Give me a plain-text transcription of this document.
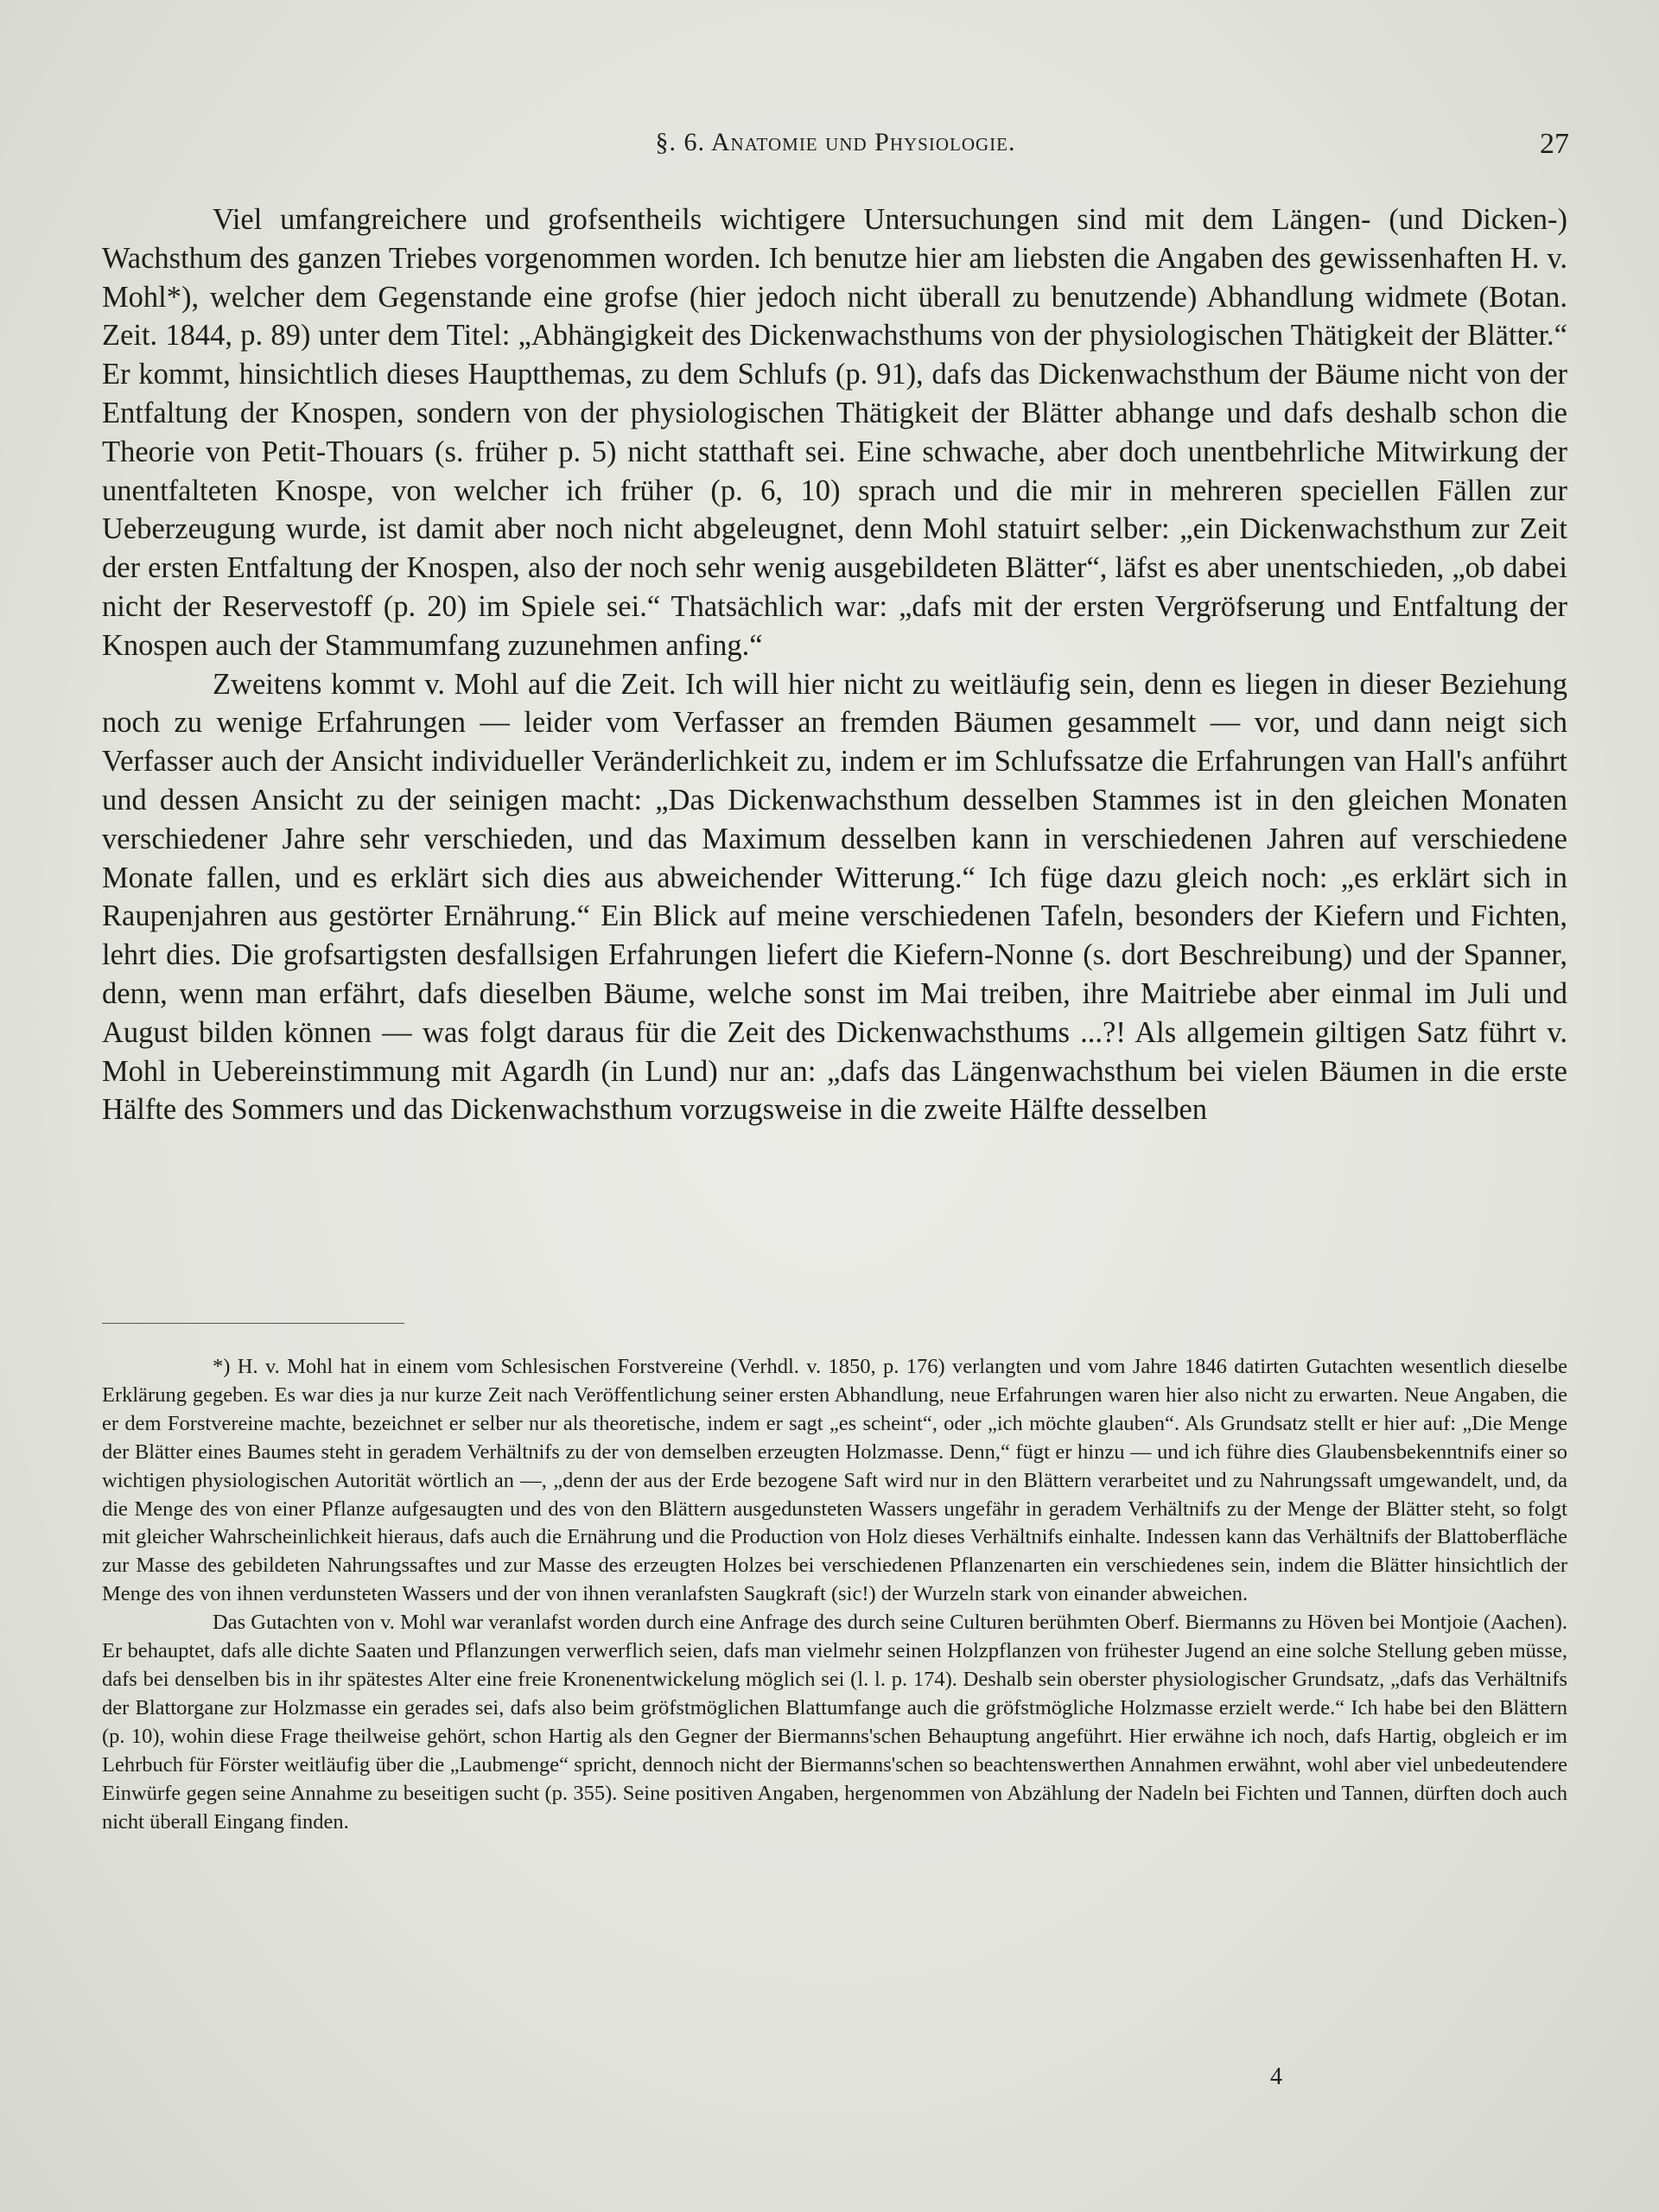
§. 6. Anatomie und Physiologie.	27

Viel umfangreichere und grofsentheils wichtigere Untersuchungen sind mit dem Längen- (und Dicken-) Wachsthum des ganzen Triebes vorgenommen worden. Ich benutze hier am liebsten die Angaben des gewissenhaften H. v. Mohl*), welcher dem Gegenstande eine grofse (hier jedoch nicht überall zu benutzende) Abhandlung widmete (Botan. Zeit. 1844, p. 89) unter dem Titel: „Abhängigkeit des Dickenwachsthums von der physiologischen Thätigkeit der Blätter.“ Er kommt, hinsichtlich dieses Hauptthemas, zu dem Schlufs (p. 91), dafs das Dickenwachsthum der Bäume nicht von der Entfaltung der Knospen, sondern von der physiologischen Thätigkeit der Blätter abhange und dafs deshalb schon die Theorie von Petit-Thouars (s. früher p. 5) nicht statthaft sei. Eine schwache, aber doch unentbehrliche Mitwirkung der unentfalteten Knospe, von welcher ich früher (p. 6, 10) sprach und die mir in mehreren speciellen Fällen zur Ueberzeugung wurde, ist damit aber noch nicht abgeleugnet, denn Mohl statuirt selber: „ein Dickenwachsthum zur Zeit der ersten Entfaltung der Knospen, also der noch sehr wenig ausgebildeten Blätter“, läfst es aber unentschieden, „ob dabei nicht der Reservestoff (p. 20) im Spiele sei.“ Thatsächlich war: „dafs mit der ersten Vergröfserung und Entfaltung der Knospen auch der Stammumfang zuzunehmen anfing.“

Zweitens kommt v. Mohl auf die Zeit. Ich will hier nicht zu weitläufig sein, denn es liegen in dieser Beziehung noch zu wenige Erfahrungen — leider vom Verfasser an fremden Bäumen gesammelt — vor, und dann neigt sich Verfasser auch der Ansicht individueller Veränderlichkeit zu, indem er im Schlufssatze die Erfahrungen van Hall's anführt und dessen Ansicht zu der seinigen macht: „Das Dickenwachsthum desselben Stammes ist in den gleichen Monaten verschiedener Jahre sehr verschieden, und das Maximum desselben kann in verschiedenen Jahren auf verschiedene Monate fallen, und es erklärt sich dies aus abweichender Witterung.“ Ich füge dazu gleich noch: „es erklärt sich in Raupenjahren aus gestörter Ernährung.“ Ein Blick auf meine verschiedenen Tafeln, besonders der Kiefern und Fichten, lehrt dies. Die grofsartigsten desfallsigen Erfahrungen liefert die Kiefern-Nonne (s. dort Beschreibung) und der Spanner, denn, wenn man erfährt, dafs dieselben Bäume, welche sonst im Mai treiben, ihre Maitriebe aber einmal im Juli und August bilden können — was folgt daraus für die Zeit des Dickenwachsthums ...?! Als allgemein giltigen Satz führt v. Mohl in Uebereinstimmung mit Agardh (in Lund) nur an: „dafs das Längenwachsthum bei vielen Bäumen in die erste Hälfte des Sommers und das Dickenwachsthum vorzugsweise in die zweite Hälfte desselben

*) H. v. Mohl hat in einem vom Schlesischen Forstvereine (Verhdl. v. 1850, p. 176) verlangten und vom Jahre 1846 datirten Gutachten wesentlich dieselbe Erklärung gegeben. Es war dies ja nur kurze Zeit nach Veröffentlichung seiner ersten Abhandlung, neue Erfahrungen waren hier also nicht zu erwarten. Neue Angaben, die er dem Forstvereine machte, bezeichnet er selber nur als theoretische, indem er sagt „es scheint“, oder „ich möchte glauben“. Als Grundsatz stellt er hier auf: „Die Menge der Blätter eines Baumes steht in geradem Verhältnifs zu der von demselben erzeugten Holzmasse. Denn,“ fügt er hinzu — und ich führe dies Glaubensbekenntnifs einer so wichtigen physiologischen Autorität wörtlich an —, „denn der aus der Erde bezogene Saft wird nur in den Blättern verarbeitet und zu Nahrungssaft umgewandelt, und, da die Menge des von einer Pflanze aufgesaugten und des von den Blättern ausgedunsteten Wassers ungefähr in geradem Verhältnifs zu der Menge der Blätter steht, so folgt mit gleicher Wahrscheinlichkeit hieraus, dafs auch die Ernährung und die Production von Holz dieses Verhältnifs einhalte. Indessen kann das Verhältnifs der Blattoberfläche zur Masse des gebildeten Nahrungssaftes und zur Masse des erzeugten Holzes bei verschiedenen Pflanzenarten ein verschiedenes sein, indem die Blätter hinsichtlich der Menge des von ihnen verdunsteten Wassers und der von ihnen veranlafsten Saugkraft (sic!) der Wurzeln stark von einander abweichen.

Das Gutachten von v. Mohl war veranlafst worden durch eine Anfrage des durch seine Culturen berühmten Oberf. Biermanns zu Höven bei Montjoie (Aachen). Er behauptet, dafs alle dichte Saaten und Pflanzungen verwerflich seien, dafs man vielmehr seinen Holzpflanzen von frühester Jugend an eine solche Stellung geben müsse, dafs bei denselben bis in ihr spätestes Alter eine freie Kronenentwickelung möglich sei (l. l. p. 174). Deshalb sein oberster physiologischer Grundsatz, „dafs das Verhältnifs der Blattorgane zur Holzmasse ein gerades sei, dafs also beim gröfstmöglichen Blattumfange auch die gröfstmögliche Holzmasse erzielt werde.“ Ich habe bei den Blättern (p. 10), wohin diese Frage theilweise gehört, schon Hartig als den Gegner der Biermanns'schen Behauptung angeführt. Hier erwähne ich noch, dafs Hartig, obgleich er im Lehrbuch für Förster weitläufig über die „Laubmenge“ spricht, dennoch nicht der Biermanns'schen so beachtenswerthen Annahmen erwähnt, wohl aber viel unbedeutendere Einwürfe gegen seine Annahme zu beseitigen sucht (p. 355). Seine positiven Angaben, hergenommen von Abzählung der Nadeln bei Fichten und Tannen, dürften doch auch nicht überall Eingang finden.

4
